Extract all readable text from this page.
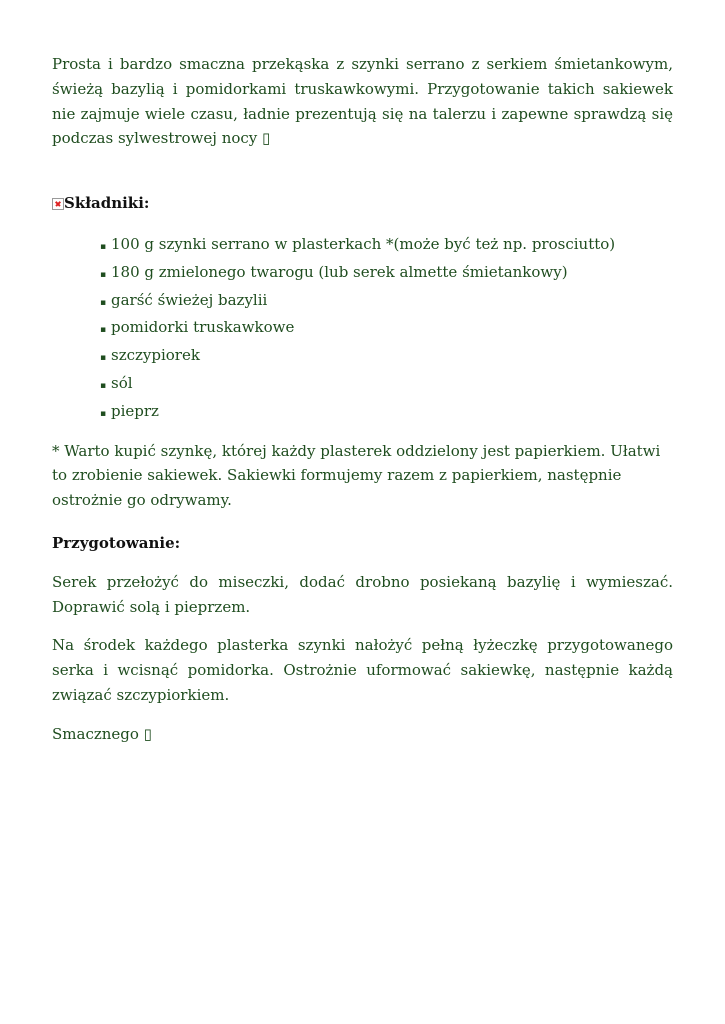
Prosta i bardzo smaczna przekąska z szynki serrano z serkiem śmietankowym, świeżą bazylią i pomidorkami truskawkowymi. Przygotowanie takich sakiewek nie zajmuje wiele czasu, ładnie prezentują się na talerzu i zapewne sprawdzą się podczas sylwestrowej nocy ▯

Składniki:
▪ 100 g szynki serrano w plasterkach *(może być też np. prosciutto)
▪ 180 g zmielonego twarogu (lub serek almette śmietankowy)
▪ garść świeżej bazylii
▪ pomidorki truskawkowe
▪ szczypiorek
▪ sól
▪ pieprz

* Warto kupić szynkę, której każdy plasterek oddzielony jest papierkiem. Ułatwi to zrobienie sakiewek. Sakiewki formujemy razem z papierkiem, następnie ostrożnie go odrywamy.

Przygotowanie:

Serek przełożyć do miseczki, dodać drobno posiekaną bazylię i wymieszać. Doprawić solą i pieprzem.

Na środek każdego plasterka szynki nałożyć pełną łyżeczkę przygotowanego serka i wcisnąć pomidorka. Ostrożnie uformować sakiewkę, następnie każdą związać szczypiorkiem.

Smacznego ▯
